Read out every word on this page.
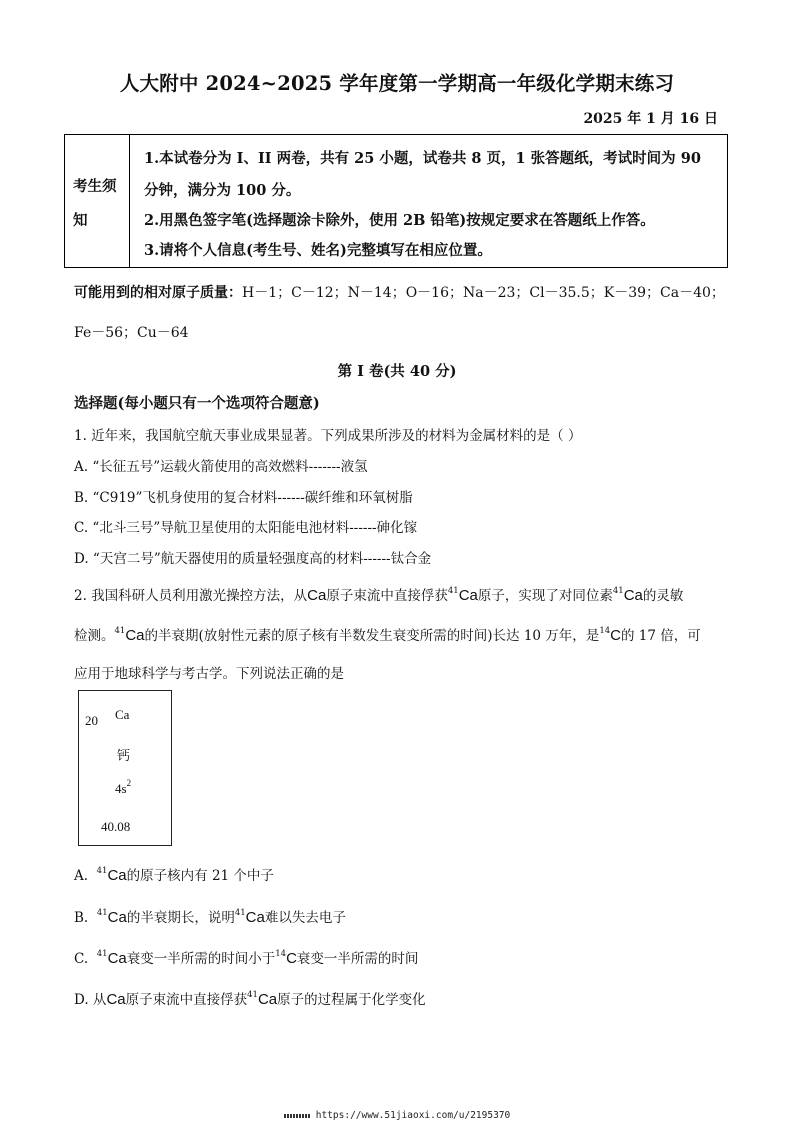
人大附中 2024~2025 学年度第一学期高一年级化学期末练习
2025 年 1 月 16 日
考生须
知
1.本试卷分为 I、II 两卷，共有 25 小题，试卷共 8 页，1 张答题纸，考试时间为 90
分钟，满分为 100 分。
2.用黑色签字笔(选择题涂卡除外，使用 2B 铅笔)按规定要求在答题纸上作答。
3.请将个人信息(考生号、姓名)完整填写在相应位置。
可能用到的相对原子质量：H－1；C－12；N－14；O－16；Na－23；Cl－35.5；K－39；Ca－40；
Fe－56；Cu－64
第 I 卷(共 40 分)
选择题(每小题只有一个选项符合题意)
1. 近年来，我国航空航天事业成果显著。下列成果所涉及的材料为金属材料的是（ ）
A. “长征五号”运载火箭使用的高效燃料-------液氢
B. “C919”飞机身使用的复合材料------碳纤维和环氧树脂
C. “北斗三号”导航卫星使用的太阳能电池材料------砷化镓
D. “天宫二号”航天器使用的质量轻强度高的材料------钛合金
2. 我国科研人员利用激光操控方法，从Ca原子束流中直接俘获$^{41}$Ca原子，实现了对同位素$^{41}$Ca的灵敏
检测。$^{41}$Ca的半衰期(放射性元素的原子核有半数发生衰变所需的时间)长达 10 万年，是$^{14}$C的 17 倍，可
应用于地球科学与考古学。下列说法正确的是
20 Ca
钙
$4s^2$
40.08
A. $^{41}$Ca的原子核内有 21 个中子
B. $^{41}$Ca的半衰期长，说明$^{41}$Ca难以失去电子
C. $^{41}$Ca衰变一半所需的时间小于$^{14}$C衰变一半所需的时间
D. 从Ca原子束流中直接俘获$^{41}$Ca原子的过程属于化学变化
https://www.51jiaoxi.com/u/2195370
